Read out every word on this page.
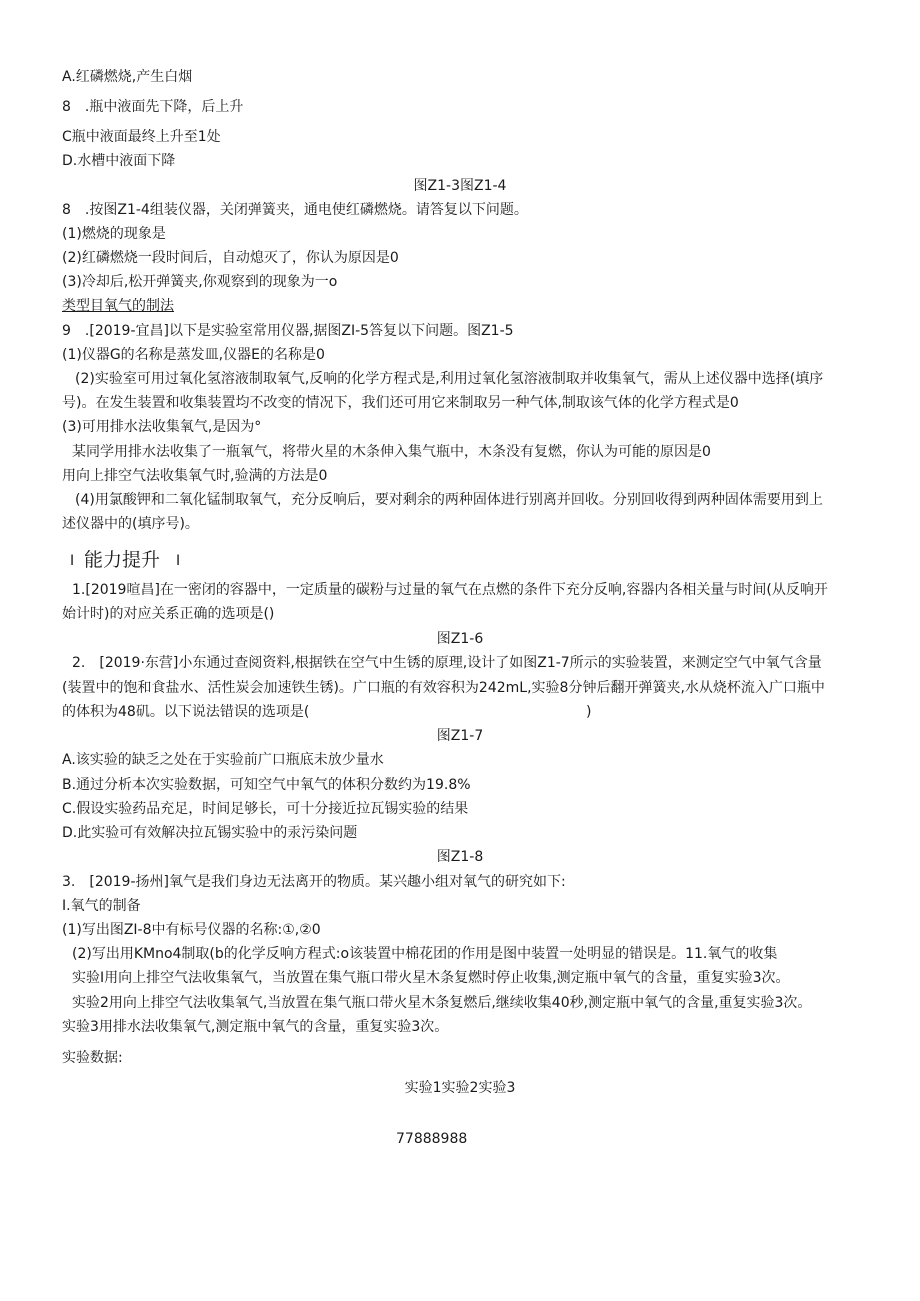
A.红磷燃烧,产生白烟
8　.瓶中液面先下降，后上升
C瓶中液面最终上升至1处
D.水槽中液面下降
图Z1-3图Z1-4
8　.按图Z1-4组装仪器，关闭弹簧夹，通电使红磷燃烧。请答复以下问题。
(1)燃烧的现象是
(2)红磷燃烧一段时间后，自动熄灭了，你认为原因是0
(3)冷却后,松开弹簧夹,你观察到的现象为一o
类型目氧气的制法
9　.[2019-宜昌]以下是实验室常用仪器,据图ZI-5答复以下问题。图Z1-5
(1)仪器G的名称是蒸发皿,仪器E的名称是0
(2)实验室可用过氧化氢溶液制取氧气,反响的化学方程式是,利用过氧化氢溶液制取并收集氧气，需从上述仪器中选择(填序
号)。在发生装置和收集装置均不改变的情况下，我们还可用它来制取另一种气体,制取该气体的化学方程式是0
(3)可用排水法收集氧气,是因为°
某同学用排水法收集了一瓶氧气，将带火星的木条伸入集气瓶中，木条没有复燃，你认为可能的原因是0
用向上排空气法收集氧气时,验满的方法是0
(4)用氯酸钾和二氧化锰制取氧气，充分反响后，要对剩余的两种固体进行别离并回收。分别回收得到两种固体需要用到上
述仪器中的(填序号)。
I 能力提升 I
1.[2019喧昌]在一密闭的容器中，一定质量的碳粉与过量的氧气在点燃的条件下充分反响,容器内各相关量与时间(从反响开
始计时)的对应关系正确的选项是()
图Z1-6
2.　[2019·东营]小东通过查阅资料,根据铁在空气中生锈的原理,设计了如图Z1-7所示的实验装置，来测定空气中氧气含量
(装置中的饱和食盐水、活性炭会加速铁生锈)。广口瓶的有效容积为242mL,实验8分钟后翻开弹簧夹,水从烧杯流入广口瓶中
的体积为48矶。以下说法错误的选项是(	)
图Z1-7
A.该实验的缺乏之处在于实验前广口瓶底未放少量水
B.通过分析本次实验数据，可知空气中氧气的体积分数约为19.8%
C.假设实验药品充足，时间足够长，可十分接近拉瓦锡实验的结果
D.此实验可有效解决拉瓦锡实验中的汞污染问题
图Z1-8
3.　[2019-扬州]氧气是我们身边无法离开的物质。某兴趣小组对氧气的研究如下:
I.氧气的制备
(1)写出图ZI-8中有标号仪器的名称:①,②0
(2)写出用KMno4制取(b的化学反响方程式:o该装置中棉花团的作用是图中装置一处明显的错误是。11.氧气的收集
实验I用向上排空气法收集氧气，当放置在集气瓶口带火星木条复燃时停止收集,测定瓶中氧气的含量，重复实验3次。
实验2用向上排空气法收集氧气,当放置在集气瓶口带火星木条复燃后,继续收集40秒,测定瓶中氧气的含量,重复实验3次。
实验3用排水法收集氧气,测定瓶中氧气的含量，重复实验3次。
实验数据:
实验1实验2实验3
77888988
